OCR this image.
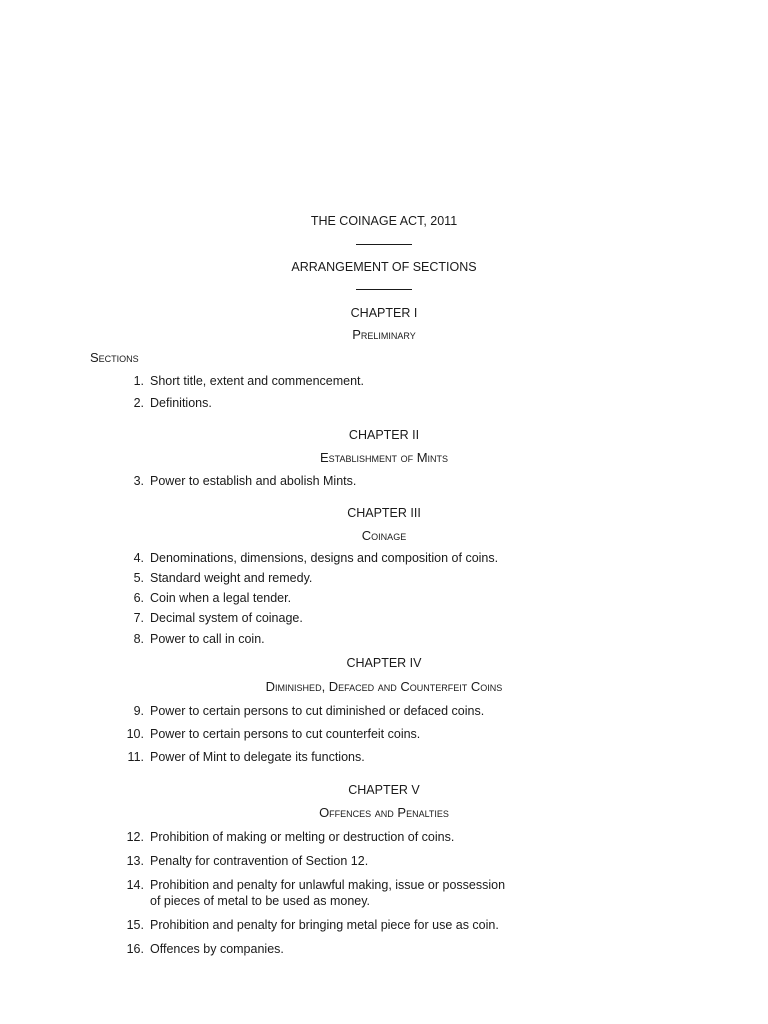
THE COINAGE ACT, 2011
ARRANGEMENT OF SECTIONS
CHAPTER I
Preliminary
Sections
1. Short title, extent and commencement.
2. Definitions.
CHAPTER II
Establishment of Mints
3. Power to establish and abolish Mints.
CHAPTER III
Coinage
4. Denominations, dimensions, designs and composition of coins.
5. Standard weight and remedy.
6. Coin when a legal tender.
7. Decimal system of coinage.
8. Power to call in coin.
CHAPTER IV
Diminished, Defaced and Counterfeit Coins
9. Power to certain persons to cut diminished or defaced coins.
10. Power to certain persons to cut counterfeit coins.
11. Power of Mint to delegate its functions.
CHAPTER V
Offences and Penalties
12. Prohibition of making or melting or destruction of coins.
13. Penalty for contravention of Section 12.
14. Prohibition and penalty for unlawful making, issue or possession
of pieces of metal to be used as money.
15. Prohibition and penalty for bringing metal piece for use as coin.
16. Offences by companies.
